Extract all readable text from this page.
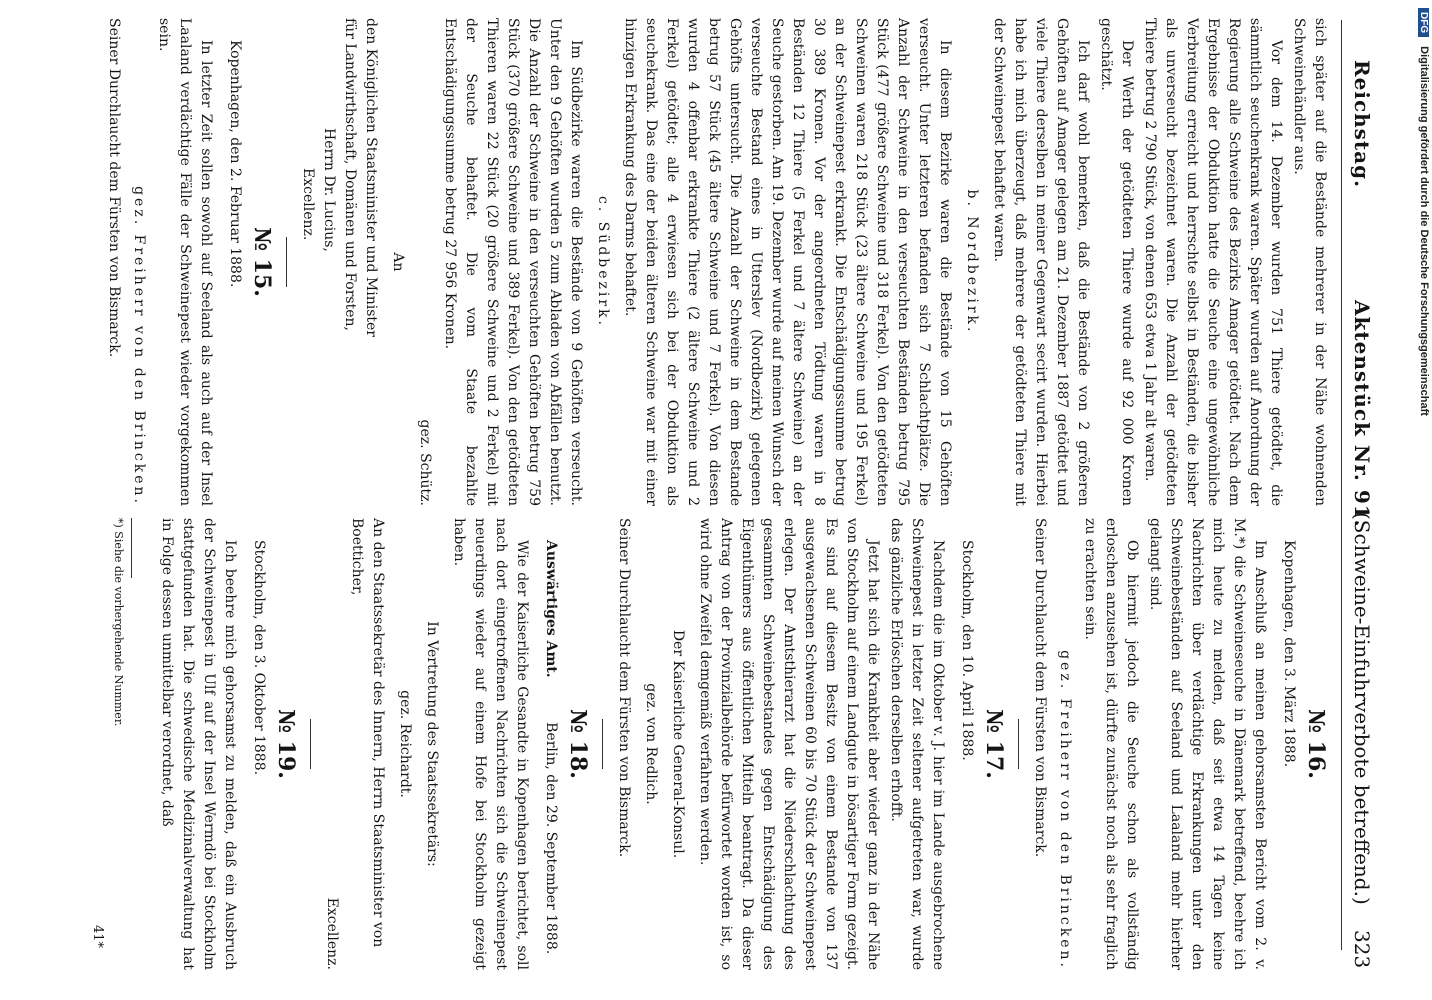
Reichstag.
Aktenstück Nr. 91.
(Schweine-Einfuhrverbote betreffend.)
323

sich später auf die Bestände mehrerer in der Nähe wohnenden Schweinehändler aus.

Vor dem 14. Dezember wurden 751 Thiere getödtet, die sämmtlich seuchenkrank waren. Später wurden auf Anordnung der Regierung alle Schweine des Bezirks Amager getödtet. Nach dem Ergebnisse der Obduktion hatte die Seuche eine ungewöhnliche Verbreitung erreicht und herrschte selbst in Beständen, die bisher als unverseucht bezeichnet waren. Die Anzahl der getödteten Thiere betrug 2 790 Stück, von denen 653 etwa 1 Jahr alt waren.

Der Werth der getödteten Thiere wurde auf 92 000 Kronen geschätzt.

Ich darf wohl bemerken, daß die Bestände von 2 größeren Gehöften auf Amager gelegen am 21. Dezember 1887 getödtet und viele Thiere derselben in meiner Gegenwart secirt wurden. Hierbei habe ich mich überzeugt, daß mehrere der getödteten Thiere mit der Schweinepest behaftet waren.

b. Nordbezirk.

In diesem Bezirke waren die Bestände von 15 Gehöften verseucht. Unter letzteren befanden sich 7 Schlachtplätze. Die Anzahl der Schweine in den verseuchten Beständen betrug 795 Stück (477 größere Schweine und 318 Ferkel). Von den getödteten Schweinen waren 218 Stück (23 ältere Schweine und 195 Ferkel) an der Schweinepest erkrankt. Die Entschädigungssumme betrug 30 389 Kronen. Vor der angeordneten Tödtung waren in 8 Beständen 12 Thiere (5 Ferkel und 7 ältere Schweine) an der Seuche gestorben. Am 19. Dezember wurde auf meinen Wunsch der verseuchte Bestand eines in Utterslev (Nordbezirk) gelegenen Gehöfts untersucht. Die Anzahl der Schweine in dem Bestande betrug 57 Stück (45 ältere Schweine und 7 Ferkel). Von diesen wurden 4 offenbar erkrankte Thiere (2 ältere Schweine und 2 Ferkel) getödtet; alle 4 erwiesen sich bei der Obduktion als seuchekrank. Das eine der beiden älteren Schweine war mit einer hinzigen Erkrankung des Darms behaftet.

c. Südbezirk.

Im Südbezirke waren die Bestände von 9 Gehöften verseucht. Unter den 9 Gehöften wurden 5 zum Abladen von Abfällen benutzt. Die Anzahl der Schweine in den verseuchten Gehöften betrug 759 Stück (370 größere Schweine und 389 Ferkel). Von den getödteten Thieren waren 22 Stück (20 größere Schweine und 2 Ferkel) mit der Seuche behaftet. Die vom Staate bezahlte Entschädigungssumme betrug 27 956 Kronen.

gez. Schütz.
An
den Königlichen Staatsminister und Minister
für Landwirthschaft, Domänen und Forsten,
Herrn Dr. Lucius,
Excellenz.
№ 15.
Kopenhagen, den 2. Februar 1888.

In letzter Zeit sollen sowohl auf Seeland als auch auf der Insel Laaland verdächtige Fälle der Schweinepest wieder vorgekommen sein.

gez. Freiherr von den Brincken.
Seiner Durchlaucht dem Fürsten von Bismarck.
№ 16.
Kopenhagen, den 3. März 1888.

Im Anschluß an meinen gehorsamsten Bericht vom 2. v. M.*) die Schweineseuche in Dänemark betreffend, beehre ich mich heute zu melden, daß seit etwa 14 Tagen keine Nachrichten über verdächtige Erkrankungen unter den Schweinebeständen auf Seeland und Laaland mehr hierher gelangt sind.

Ob hiermit jedoch die Seuche schon als vollständig erloschen anzusehen ist, dürfte zunächst noch als sehr fraglich zu erachten sein.

gez. Freiherr von den Brincken.
Seiner Durchlaucht dem Fürsten von Bismarck.
№ 17.
Stockholm, den 10. April 1888.

Nachdem die im Oktober v. J. hier im Lande ausgebrochene Schweinepest in letzter Zeit seltener aufgetreten war, wurde das gänzliche Erlöschen derselben erhofft.

Jetzt hat sich die Krankheit aber wieder ganz in der Nähe von Stockholm auf einem Landgute in bösartiger Form gezeigt. Es sind auf diesem Besitz von einem Bestande von 137 ausgewachsenen Schweinen 60 bis 70 Stück der Schweinepest erlegen. Der Amtsthierarzt hat die Niederschlachtung des gesammten Schweinebestandes gegen Entschädigung des Eigenthümers aus öffentlichen Mitteln beantragt. Da dieser Antrag von der Provinzialbehörde befürwortet worden ist, so wird ohne Zweifel demgemäß verfahren werden.

Der Kaiserliche General-Konsul.
gez. von Redlich.
Seiner Durchlaucht dem Fürsten von Bismarck.
№ 18.
Auswärtiges Amt. Berlin, den 29. September 1888.

Wie der Kaiserliche Gesandte in Kopenhagen berichtet, soll nach dort eingetroffenen Nachrichten sich die Schweinepest neuerdings wieder auf einem Hofe bei Stockholm gezeigt haben.

In Vertretung des Staatssekretärs:
gez. Reichardt.
An den Staatssekretär des Innern, Herrn Staatsminister von Boetticher,
Excellenz.
№ 19.
Stockholm, den 3. Oktober 1888.

Ich beehre mich gehorsamst zu melden, daß ein Ausbruch der Schweinepest in Ulf auf der Insel Wermdö bei Stockholm stattgefunden hat. Die schwedische Medizinalverwaltung hat in Folge dessen unmittelbar verordnet, daß

*) Siehe die vorhergehende Nummer.
41*
DFG Digitalisierung gefördert durch die Deutsche Forschungsgemeinschaft
